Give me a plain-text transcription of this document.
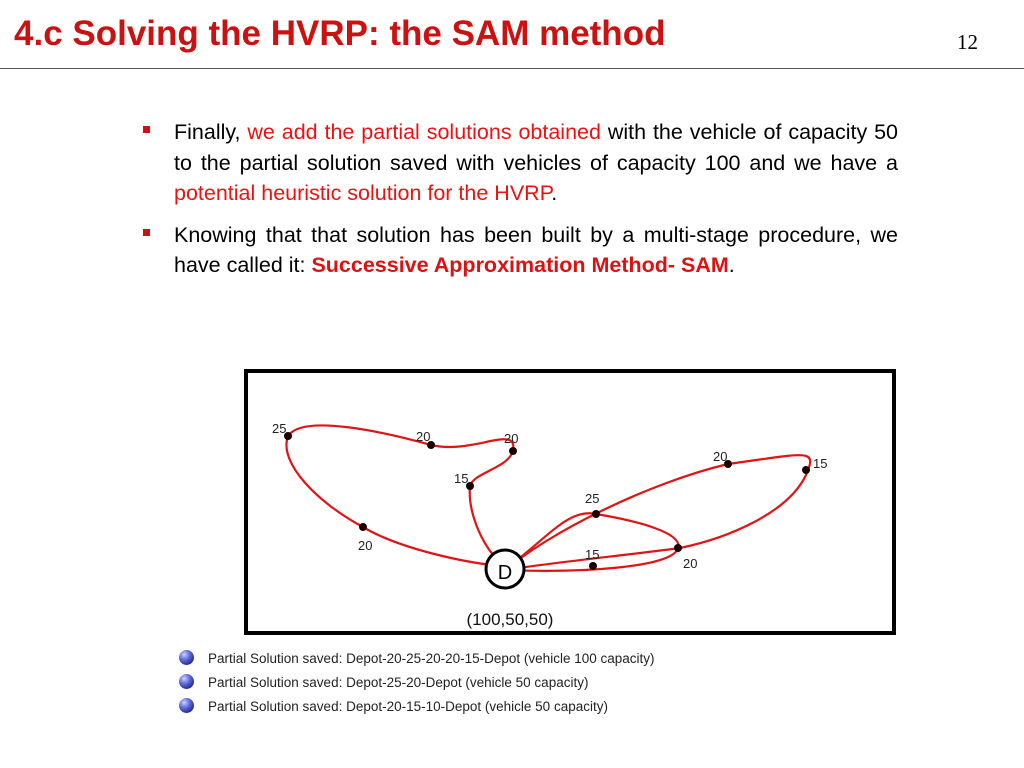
4.c Solving the HVRP: the SAM method	12
Finally, we add the partial solutions obtained with the vehicle of capacity 50 to the partial solution saved with vehicles of capacity 100 and we have a potential heuristic solution for the HVRP.
Knowing that that solution has been built by a multi-stage procedure, we have called it: Successive Approximation Method- SAM.
25
20	20
15
20
20	15
25
15
20
D
(100,50,50)
Partial Solution saved: Depot-20-25-20-20-15-Depot (vehicle 100 capacity)
Partial Solution saved: Depot-25-20-Depot (vehicle 50 capacity)
Partial Solution saved: Depot-20-15-10-Depot (vehicle 50 capacity)
